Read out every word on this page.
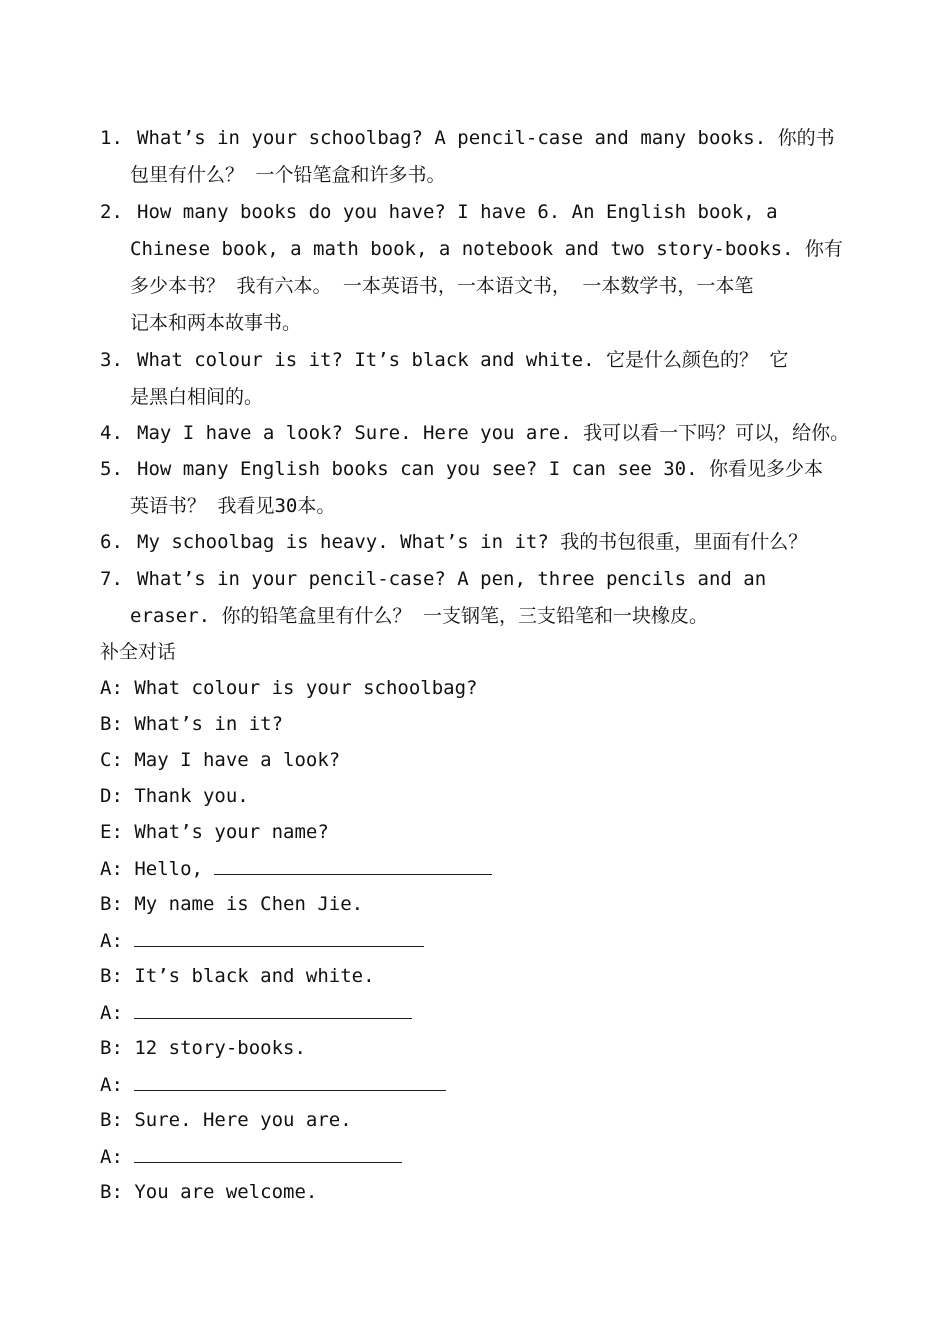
1. What’s in your schoolbag? A pencil-case and many books. 你的书
包里有什么？ 一个铅笔盒和许多书。
2. How many books do you have? I have 6. An English book, a
Chinese book, a math book, a notebook and two story-books. 你有
多少本书？ 我有六本。 一本英语书，一本语文书， 一本数学书，一本笔
记本和两本故事书。
3. What colour is it? It’s black and white. 它是什么颜色的？ 它
是黑白相间的。
4. May I have a look? Sure. Here you are. 我可以看一下吗？可以，给你。
5. How many English books can you see? I can see 30. 你看见多少本
英语书？ 我看见30本。
6. My schoolbag is heavy. What’s in it? 我的书包很重，里面有什么？
7. What’s in your pencil-case? A pen, three pencils and an
eraser. 你的铅笔盒里有什么？ 一支钢笔，三支铅笔和一块橡皮。
补全对话
A: What colour is your schoolbag?
B: What’s in it?
C: May I have a look?
D: Thank you.
E: What’s your name?
A: Hello,
B: My name is Chen Jie.
A:
B: It’s black and white.
A:
B: 12 story-books.
A:
B: Sure. Here you are.
A:
B: You are welcome.
